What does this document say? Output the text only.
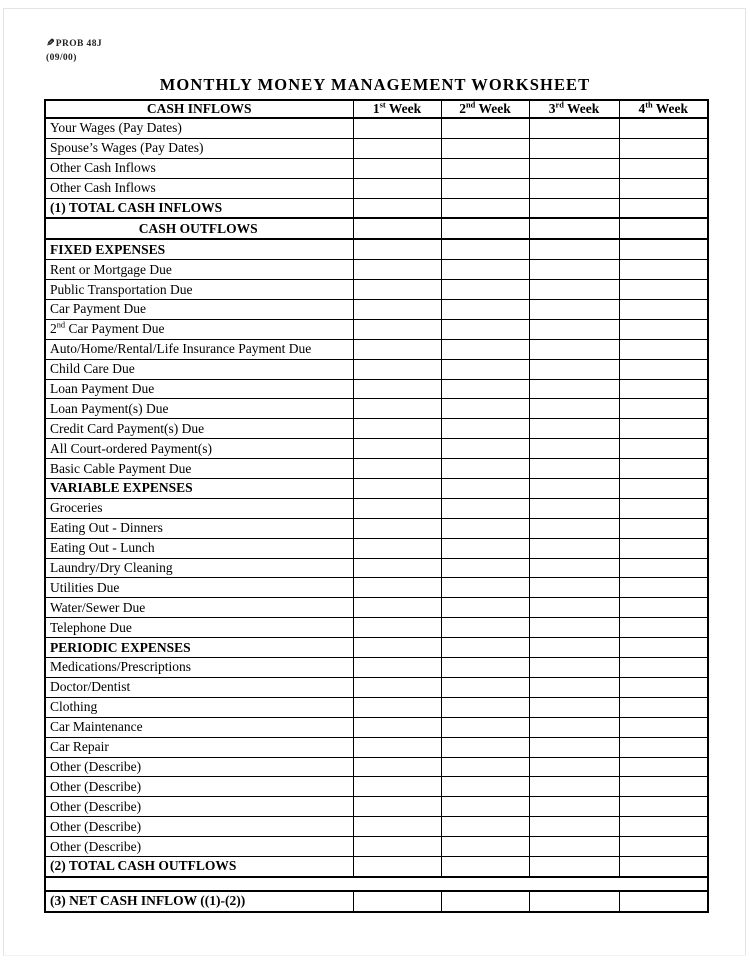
✎PROB 48J
(09/00)
MONTHLY MONEY MANAGEMENT WORKSHEET
CASH INFLOWS	1st Week	2nd Week	3rd Week	4th Week
Your Wages (Pay Dates)				
Spouse’s Wages (Pay Dates)				
Other Cash Inflows				
Other Cash Inflows				
(1) TOTAL CASH INFLOWS				
CASH OUTFLOWS				
FIXED EXPENSES				
Rent or Mortgage Due				
Public Transportation Due				
Car Payment Due				
2nd Car Payment Due				
Auto/Home/Rental/Life Insurance Payment Due				
Child Care Due				
Loan Payment Due				
Loan Payment(s) Due				
Credit Card Payment(s) Due				
All Court-ordered Payment(s)				
Basic Cable Payment Due				
VARIABLE EXPENSES				
Groceries				
Eating Out - Dinners				
Eating Out - Lunch				
Laundry/Dry Cleaning				
Utilities Due				
Water/Sewer Due				
Telephone Due				
PERIODIC EXPENSES				
Medications/Prescriptions				
Doctor/Dentist				
Clothing				
Car Maintenance				
Car Repair				
Other (Describe)				
Other (Describe)				
Other (Describe)				
Other (Describe)				
Other (Describe)				
(2) TOTAL CASH OUTFLOWS				

(3) NET CASH INFLOW ((1)-(2))				
